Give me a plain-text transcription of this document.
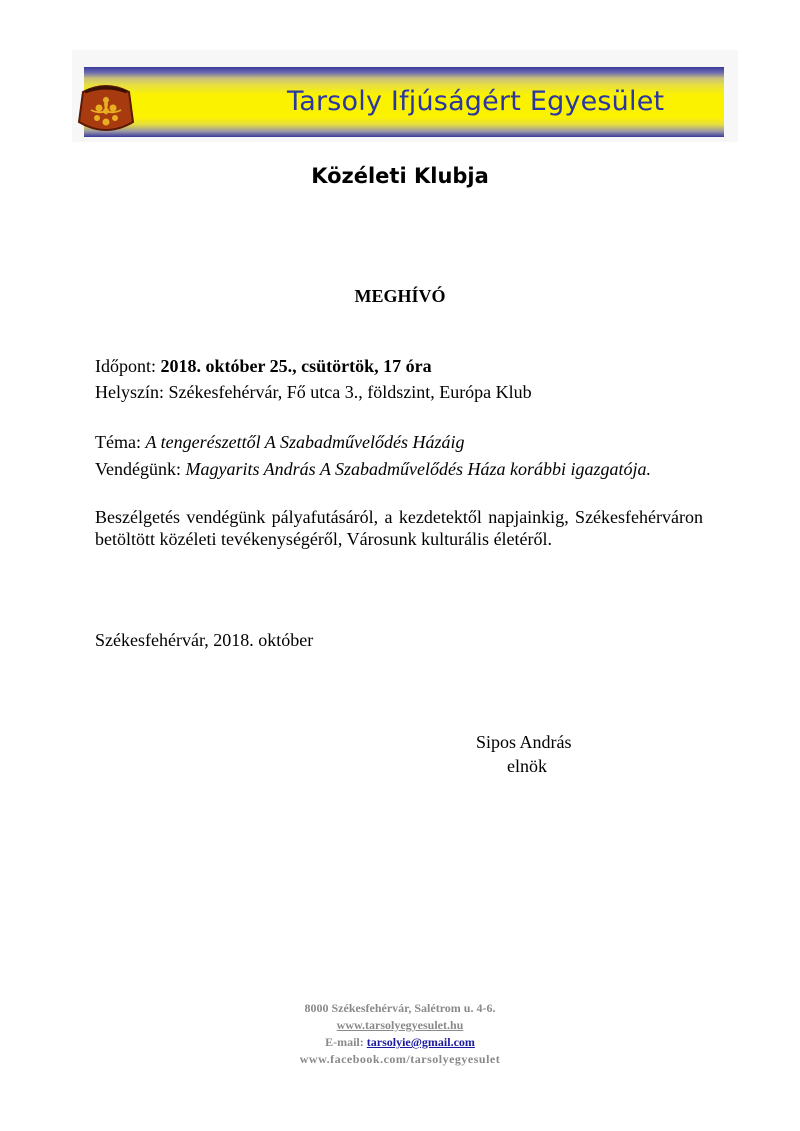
Tarsoly Ifjúságért Egyesület
Közéleti Klubja
MEGHÍVÓ
Időpont: 2018. október 25., csütörtök, 17 óra
Helyszín: Székesfehérvár, Fő utca 3., földszint, Európa Klub
Téma: A tengerészettől A Szabadművelődés Házáig
Vendégünk: Magyarits András A Szabadművelődés Háza korábbi igazgatója.
Beszélgetés vendégünk pályafutásáról, a kezdetektől napjainkig, Székesfehérváron betöltött közéleti tevékenységéről, Városunk kulturális életéről.
Székesfehérvár, 2018. október
Sipos András
elnök
8000 Székesfehérvár, Salétrom u. 4-6.
www.tarsolyegyesulet.hu
E-mail: tarsolyie@gmail.com
www.facebook.com/tarsolyegyesulet
